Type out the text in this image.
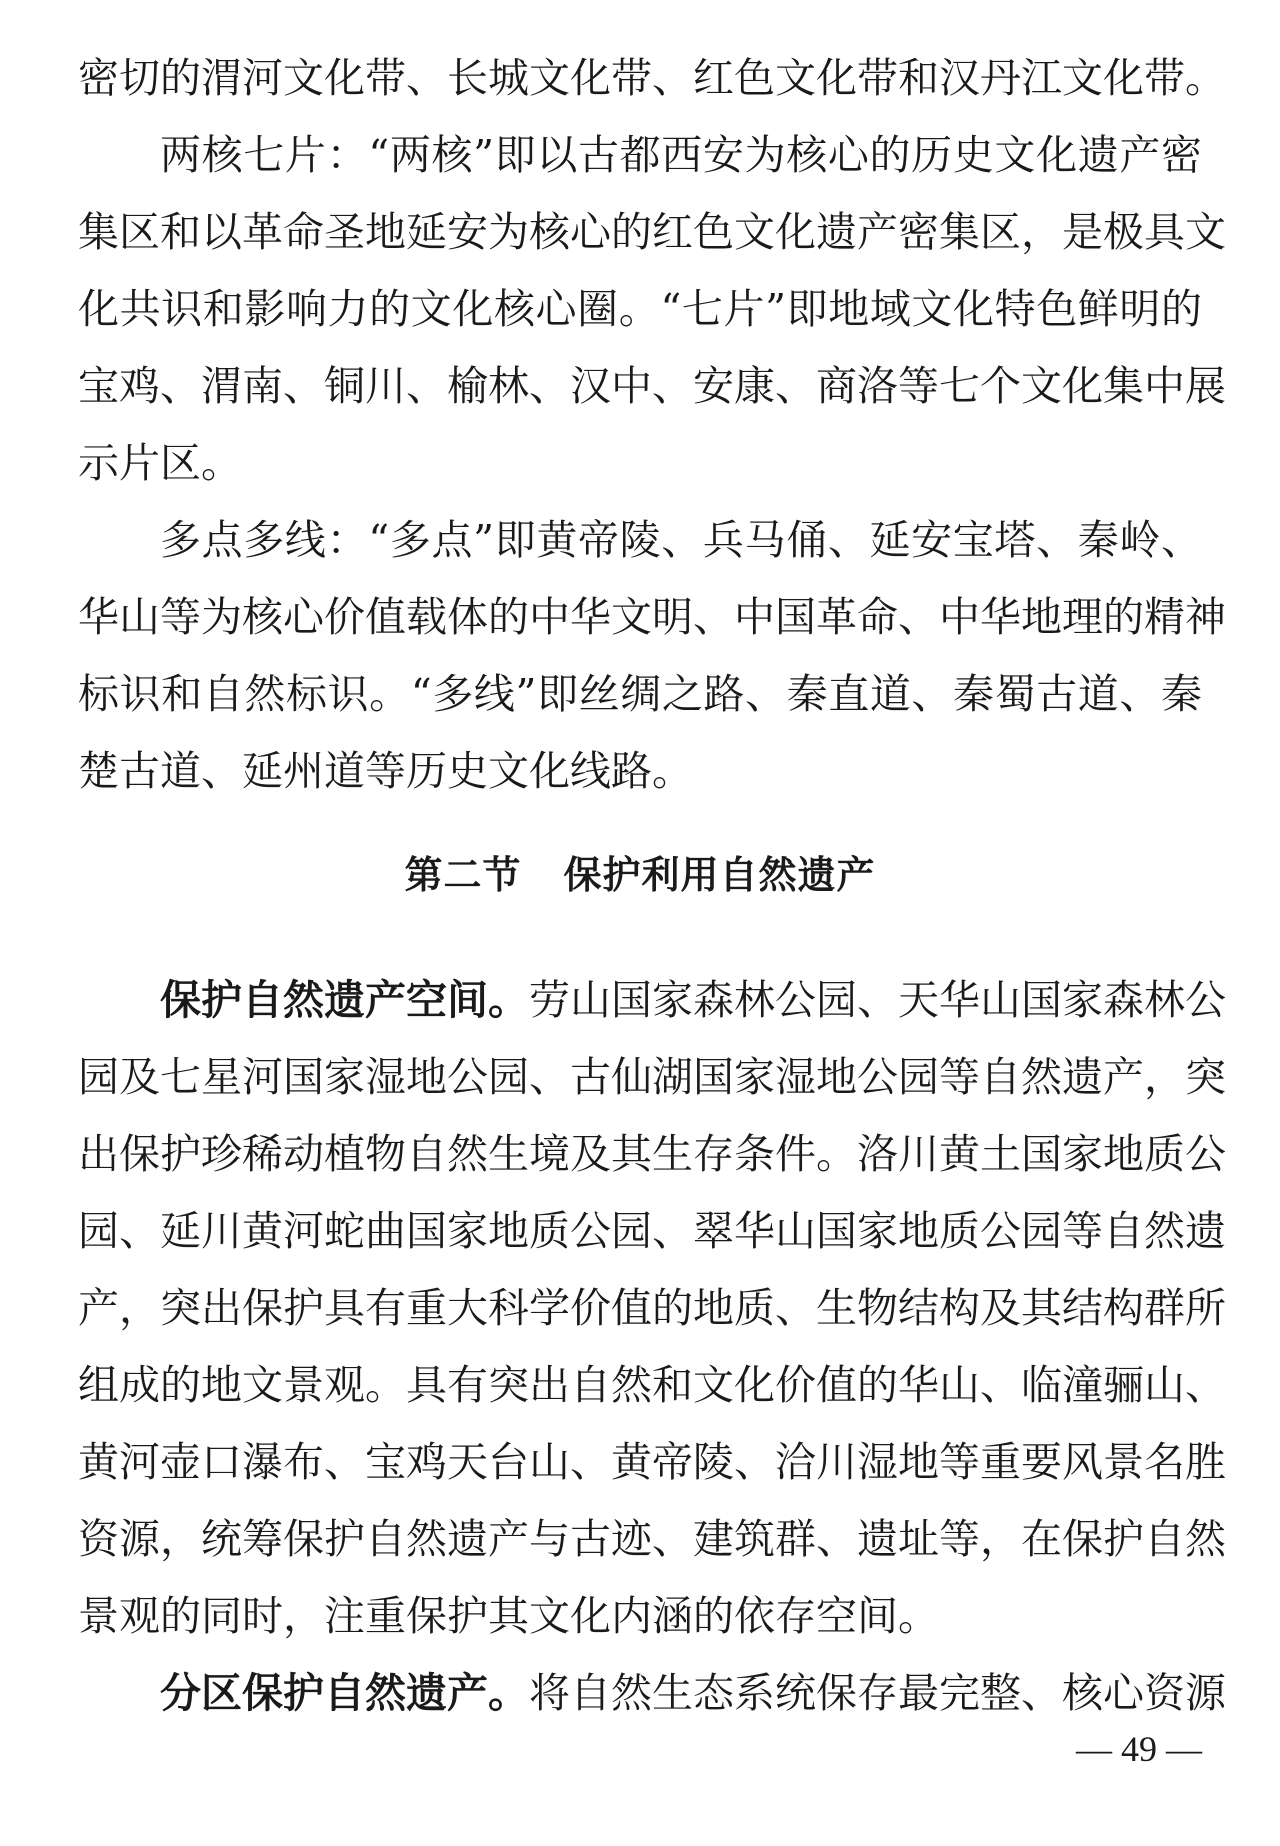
密切的渭河文化带、长城文化带、红色文化带和汉丹江文化带。
两核七片：“两核”即以古都西安为核心的历史文化遗产密
集区和以革命圣地延安为核心的红色文化遗产密集区，是极具文
化共识和影响力的文化核心圈。“七片”即地域文化特色鲜明的
宝鸡、渭南、铜川、榆林、汉中、安康、商洛等七个文化集中展
示片区。
多点多线：“多点”即黄帝陵、兵马俑、延安宝塔、秦岭、
华山等为核心价值载体的中华文明、中国革命、中华地理的精神
标识和自然标识。“多线”即丝绸之路、秦直道、秦蜀古道、秦
楚古道、延州道等历史文化线路。
第二节 保护利用自然遗产
保护自然遗产空间。劳山国家森林公园、天华山国家森林公
园及七星河国家湿地公园、古仙湖国家湿地公园等自然遗产，突
出保护珍稀动植物自然生境及其生存条件。洛川黄土国家地质公
园、延川黄河蛇曲国家地质公园、翠华山国家地质公园等自然遗
产，突出保护具有重大科学价值的地质、生物结构及其结构群所
组成的地文景观。具有突出自然和文化价值的华山、临潼骊山、
黄河壶口瀑布、宝鸡天台山、黄帝陵、洽川湿地等重要风景名胜
资源，统筹保护自然遗产与古迹、建筑群、遗址等，在保护自然
景观的同时，注重保护其文化内涵的依存空间。
分区保护自然遗产。将自然生态系统保存最完整、核心资源
— 49 —
